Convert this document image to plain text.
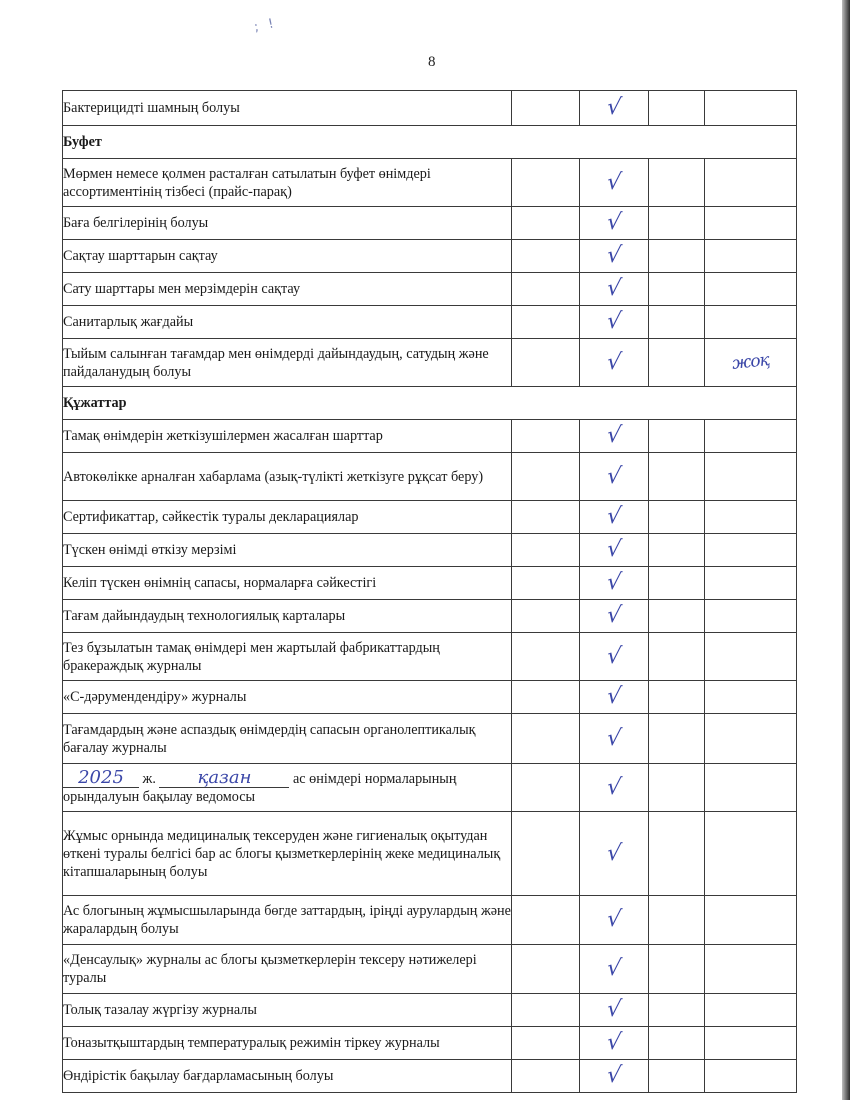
; !
8
Бактерицидті шамның болуы		√		
Буфет				
Мөрмен немесе қолмен расталған сатылатын буфет өнімдері ассортиментінің тізбесі (прайс-парақ)		√		
Баға белгілерінің болуы		√		
Сақтау шарттарын сақтау		√		
Сату шарттары мен мерзімдерін сақтау		√		
Санитарлық жағдайы		√		
Тыйым салынған тағамдар мен өнімдерді дайындаудың, сатудың және пайдаланудың болуы		√		жоқ
Құжаттар				
Тамақ өнімдерін жеткізушілермен жасалған шарттар		√		
Автокөлікке арналған хабарлама (азық-түлікті жеткізуге рұқсат беру)		√		
Сертификаттар, сәйкестік туралы декларациялар		√		
Түскен өнімді өткізу мерзімі		√		
Келіп түскен өнімнің сапасы, нормаларға сәйкестігі		√		
Тағам дайындаудың технологиялық карталары		√		
Тез бұзылатын тамақ өнімдері мен жартылай фабрикаттардың бракераждық журналы		√		
«С-дәрумендендіру» журналы		√		
Тағамдардың және аспаздық өнімдердің сапасын органолептикалық бағалау журналы		√		
2025 ж. қазан ас өнімдері нормаларының орындалуын бақылау ведомосы		√		
Жұмыс орнында медициналық тексеруден және гигиеналық оқытудан өткені туралы белгісі бар ас блогы қызметкерлерінің жеке медициналық кітапшаларының болуы		√		
Ас блогының жұмысшыларында бөгде заттардың, іріңді аурулардың және жаралардың болуы		√		
«Денсаулық» журналы ас блогы қызметкерлерін тексеру нәтижелері туралы		√		
Толық тазалау жүргізу журналы		√		
Тоназытқыштардың температуралық режимін тіркеу журналы		√		
Өндірістік бақылау бағдарламасының болуы		√		
